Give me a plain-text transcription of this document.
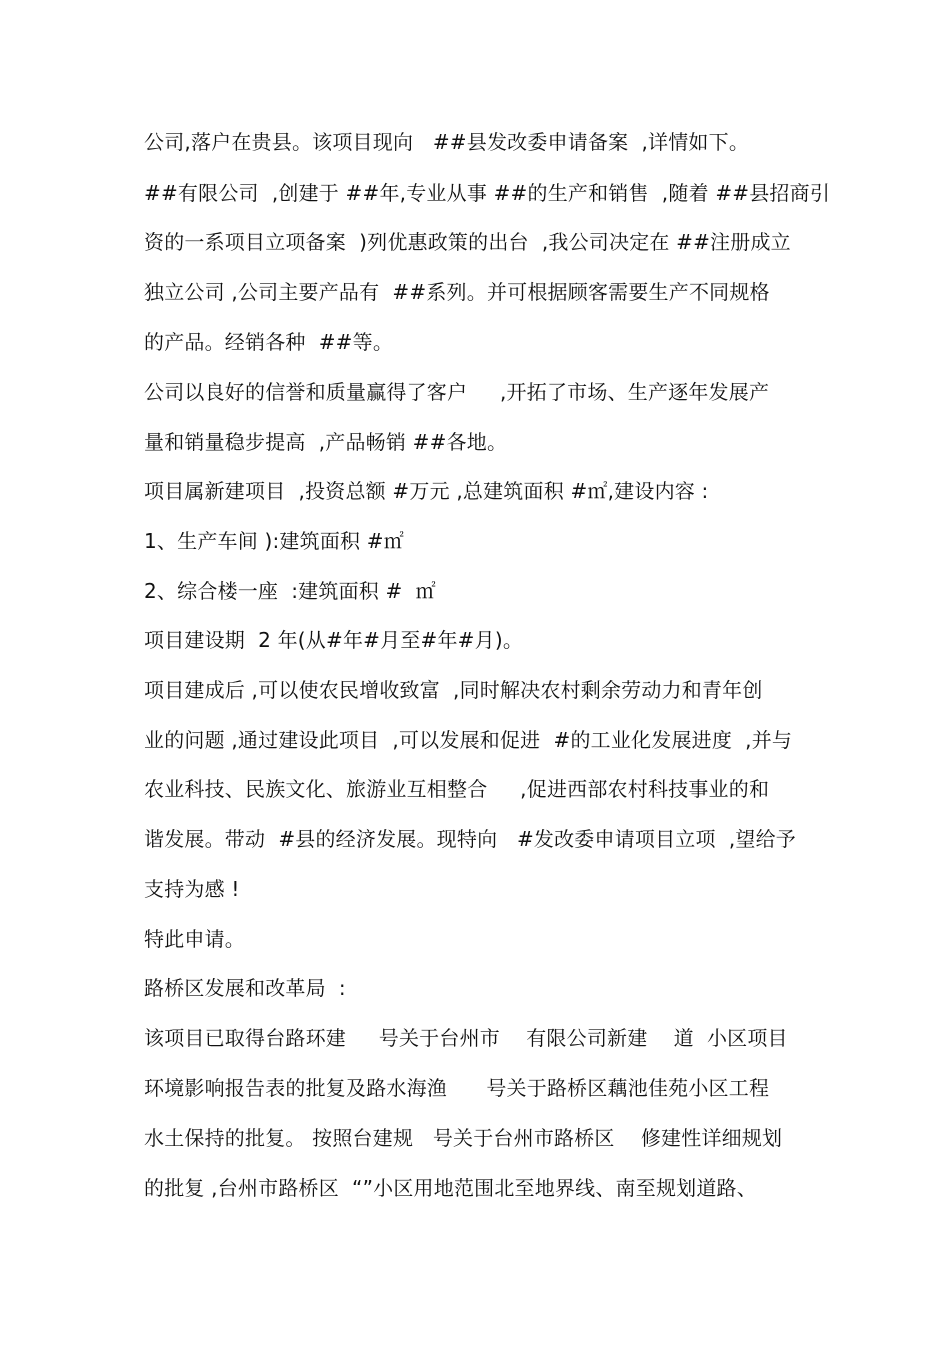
公司,落户在贵县。该项目现向   ##县发改委申请备案  ,详情如下。
##有限公司  ,创建于 ##年,专业从事 ##的生产和销售  ,随着 ##县招商引
资的一系项目立项备案  )列优惠政策的出台  ,我公司决定在 ##注册成立
独立公司 ,公司主要产品有  ##系列。并可根据顾客需要生产不同规格
的产品。经销各种  ##等。
公司以良好的信誉和质量赢得了客户     ,开拓了市场、生产逐年发展产
量和销量稳步提高  ,产品畅销 ##各地。
项目属新建项目  ,投资总额 #万元 ,总建筑面积 #㎡,建设内容 :
1、生产车间 ):建筑面积 #㎡
2、综合楼一座  :建筑面积 #  ㎡
项目建设期  2 年(从#年#月至#年#月)。
项目建成后 ,可以使农民增收致富  ,同时解决农村剩余劳动力和青年创
业的问题 ,通过建设此项目  ,可以发展和促进  #的工业化发展进度  ,并与
农业科技、民族文化、旅游业互相整合     ,促进西部农村科技事业的和
谐发展。带动  #县的经济发展。现特向   #发改委申请项目立项  ,望给予
支持为感 !
特此申请。
路桥区发展和改革局  :
该项目已取得台路环建     号关于台州市    有限公司新建    道  小区项目
环境影响报告表的批复及路水海渔      号关于路桥区藕池佳苑小区工程
水土保持的批复。 按照台建规   号关于台州市路桥区    修建性详细规划
的批复 ,台州市路桥区  “”小区用地范围北至地界线、南至规划道路、
